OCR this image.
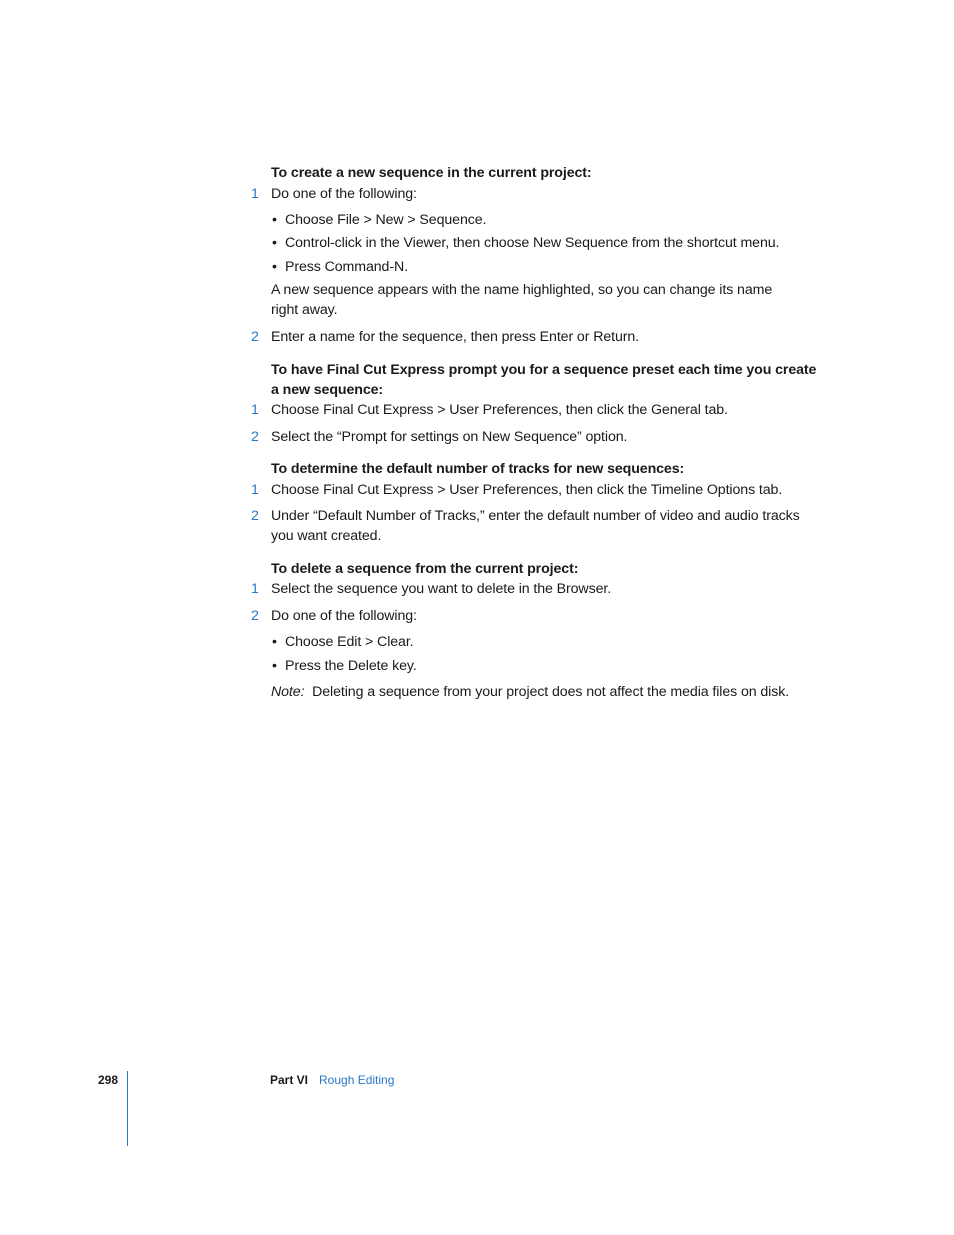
To create a new sequence in the current project:
1 Do one of the following:
• Choose File > New > Sequence.
• Control-click in the Viewer, then choose New Sequence from the shortcut menu.
• Press Command-N.
A new sequence appears with the name highlighted, so you can change its name
right away.
2 Enter a name for the sequence, then press Enter or Return.
To have Final Cut Express prompt you for a sequence preset each time you create
a new sequence:
1 Choose Final Cut Express > User Preferences, then click the General tab.
2 Select the “Prompt for settings on New Sequence” option.
To determine the default number of tracks for new sequences:
1 Choose Final Cut Express > User Preferences, then click the Timeline Options tab.
2 Under “Default Number of Tracks,” enter the default number of video and audio tracks
you want created.
To delete a sequence from the current project:
1 Select the sequence you want to delete in the Browser.
2 Do one of the following:
• Choose Edit > Clear.
• Press the Delete key.
Note: Deleting a sequence from your project does not affect the media files on disk.
298	Part VI Rough Editing
